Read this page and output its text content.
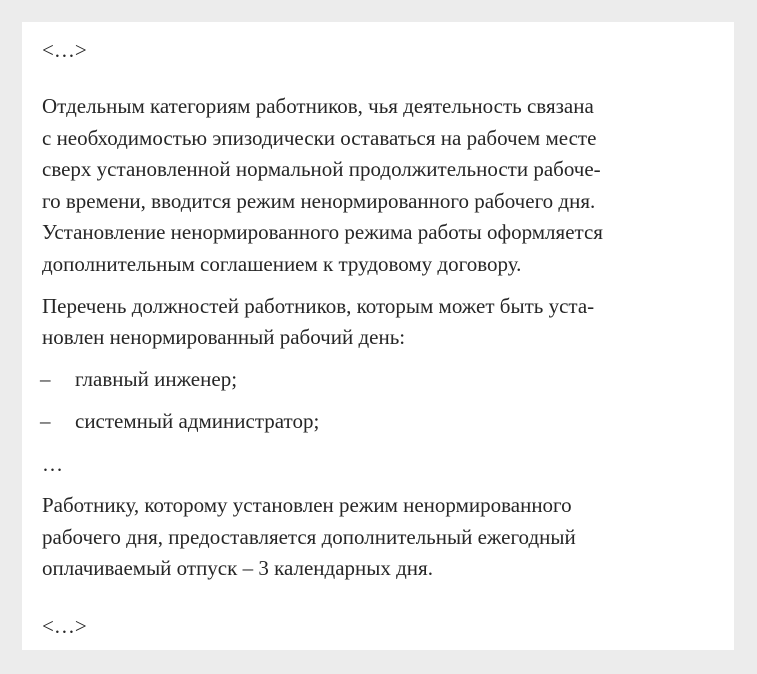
<…>
Отдельным категориям работников, чья деятельность связана
с необходимостью эпизодически оставаться на рабочем месте
сверх установленной нормальной продолжительности рабоче-
го времени, вводится режим ненормированного рабочего дня.
Установление ненормированного режима работы оформляется
дополнительным соглашением к трудовому договору.
Перечень должностей работников, которым может быть уста-
новлен ненормированный рабочий день:
– главный инженер;
– системный администратор;
…
Работнику, которому установлен режим ненормированного
рабочего дня, предоставляется дополнительный ежегодный
оплачиваемый отпуск – 3 календарных дня.
<…>
